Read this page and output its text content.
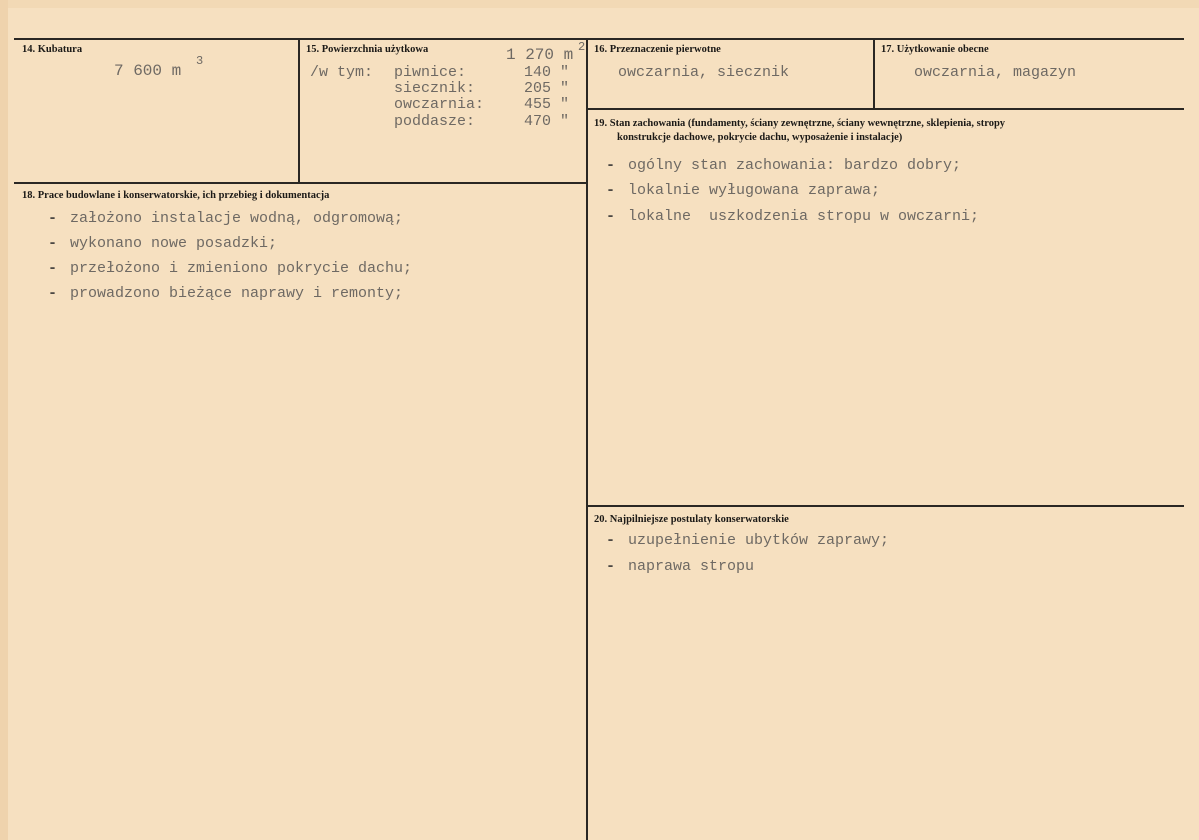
14. Kubatura
7 600 m
3
15. Powierzchnia użytkowa	1 270 m 2
/w tym: piwnice:	140 "
siecznik:	205 "
owczarnia:	455 "
poddasze:	470 "
16. Przeznaczenie pierwotne
owczarnia, siecznik
17. Użytkowanie obecne
owczarnia, magazyn
18. Prace budowlane i konserwatorskie, ich przebieg i dokumentacja
- założono instalacje wodną, odgromową;
- wykonano nowe posadzki;
- przełożono i zmieniono pokrycie dachu;
- prowadzono bieżące naprawy i remonty;
19. Stan zachowania (fundamenty, ściany zewnętrzne, ściany wewnętrzne, sklepienia, stropy
konstrukcje dachowe, pokrycie dachu, wyposażenie i instalacje)
- ogólny stan zachowania: bardzo dobry;
- lokalnie wyługowana zaprawa;
- lokalne  uszkodzenia stropu w owczarni;
20. Najpilniejsze postulaty konserwatorskie
- uzupełnienie ubytków zaprawy;
- naprawa stropu
